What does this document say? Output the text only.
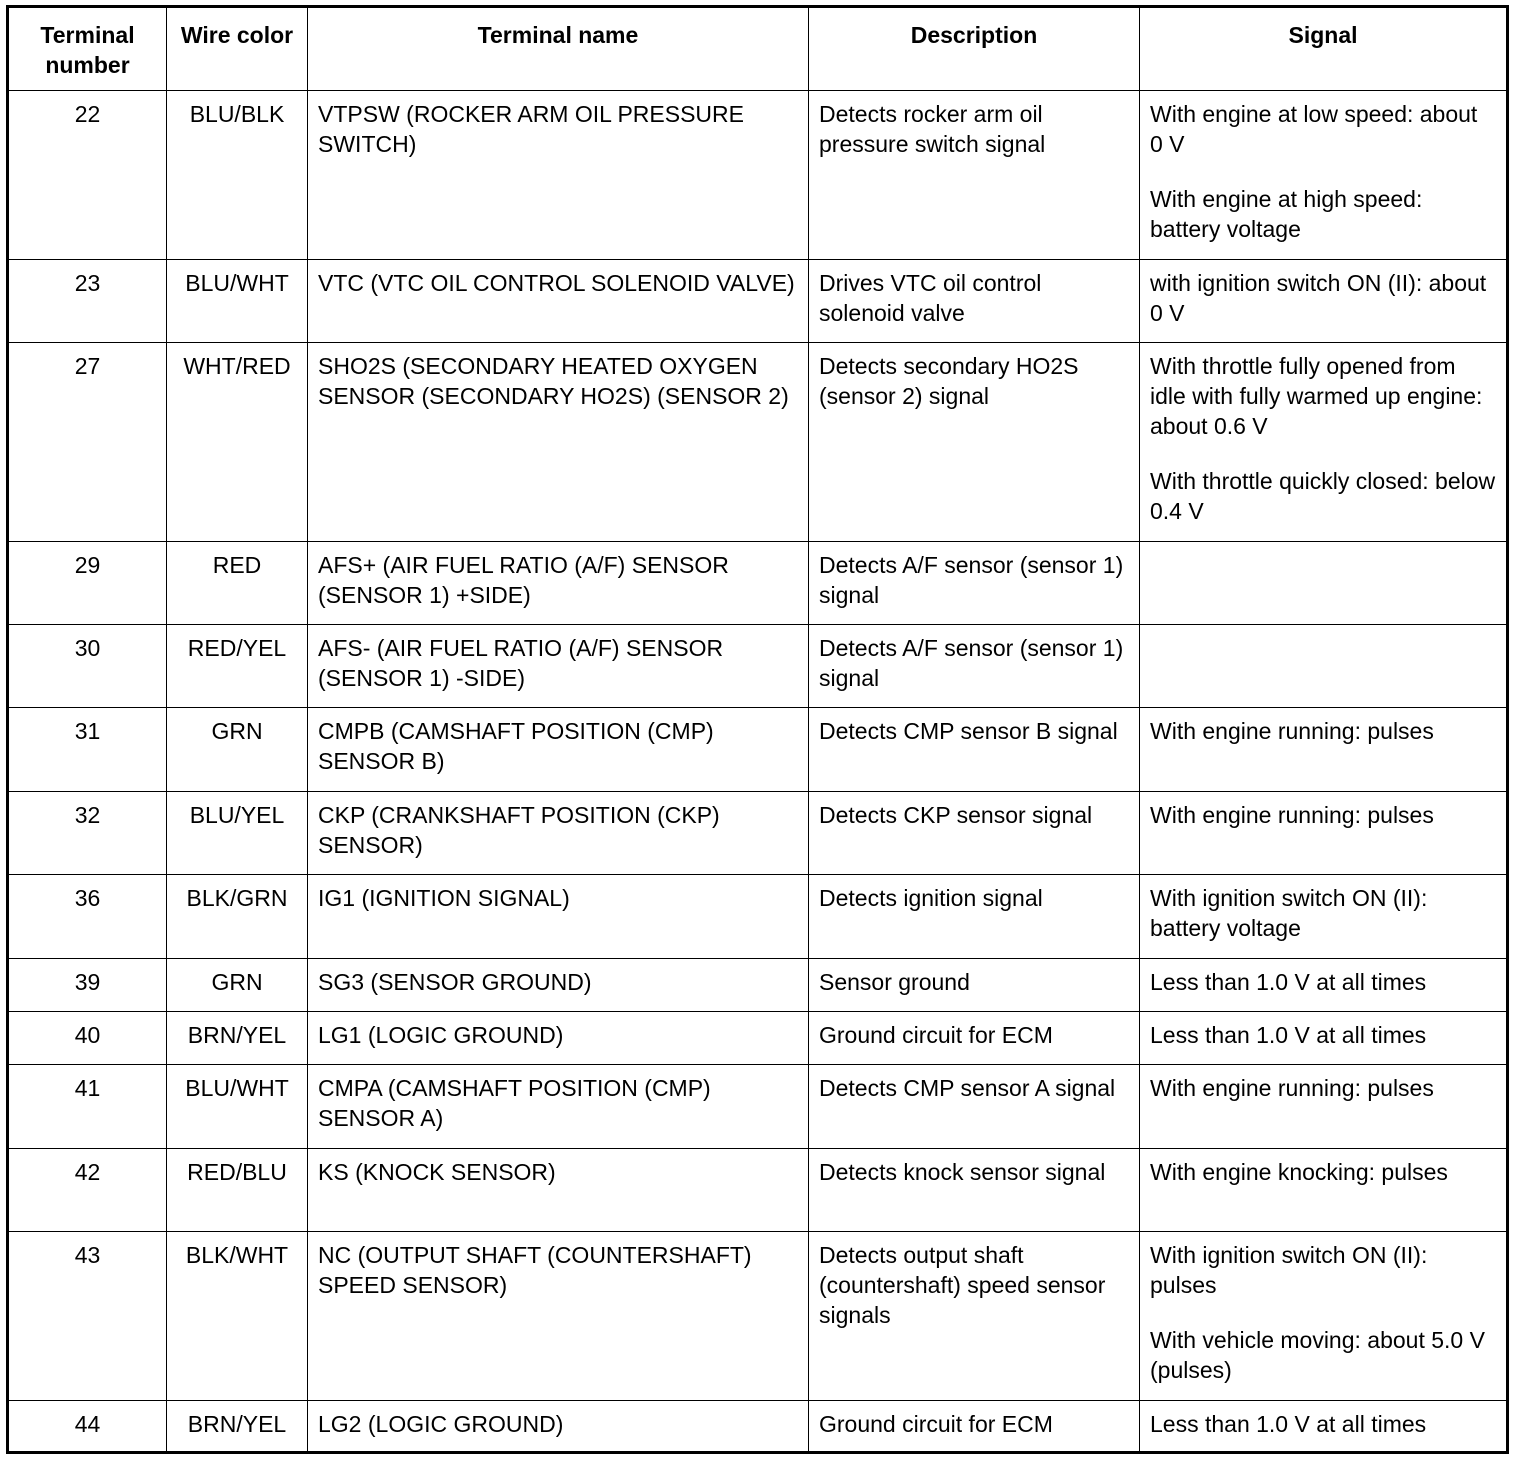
Terminal number	Wire color	Terminal name	Description	Signal
22	BLU/BLK	VTPSW (ROCKER ARM OIL PRESSURE SWITCH)	Detects rocker arm oil pressure switch signal	With engine at low speed: about 0 V
With engine at high speed: battery voltage

23	BLU/WHT	VTC (VTC OIL CONTROL SOLENOID VALVE)	Drives VTC oil control solenoid valve	with ignition switch ON (II): about 0 V

27	WHT/RED	SHO2S (SECONDARY HEATED OXYGEN SENSOR (SECONDARY HO2S) (SENSOR 2)	Detects secondary HO2S (sensor 2) signal	With throttle fully opened from idle with fully warmed up engine: about 0.6 V
With throttle quickly closed: below 0.4 V

29	RED	AFS+ (AIR FUEL RATIO (A/F) SENSOR (SENSOR 1) +SIDE)	Detects A/F sensor (sensor 1) signal	
30	RED/YEL	AFS- (AIR FUEL RATIO (A/F) SENSOR (SENSOR 1) -SIDE)	Detects A/F sensor (sensor 1) signal	
31	GRN	CMPB (CAMSHAFT POSITION (CMP) SENSOR B)	Detects CMP sensor B signal	With engine running: pulses

32	BLU/YEL	CKP (CRANKSHAFT POSITION (CKP) SENSOR)	Detects CKP sensor signal	With engine running: pulses

36	BLK/GRN	IG1 (IGNITION SIGNAL)	Detects ignition signal	With ignition switch ON (II): battery voltage

39	GRN	SG3 (SENSOR GROUND)	Sensor ground	Less than 1.0 V at all times

40	BRN/YEL	LG1 (LOGIC GROUND)	Ground circuit for ECM	Less than 1.0 V at all times

41	BLU/WHT	CMPA (CAMSHAFT POSITION (CMP) SENSOR A)	Detects CMP sensor A signal	With engine running: pulses

42	RED/BLU	KS (KNOCK SENSOR)	Detects knock sensor signal	With engine knocking: pulses

43	BLK/WHT	NC (OUTPUT SHAFT (COUNTERSHAFT) SPEED SENSOR)	Detects output shaft (countershaft) speed sensor signals	With ignition switch ON (II): pulses
With vehicle moving: about 5.0 V (pulses)

44	BRN/YEL	LG2 (LOGIC GROUND)	Ground circuit for ECM	Less than 1.0 V at all times
